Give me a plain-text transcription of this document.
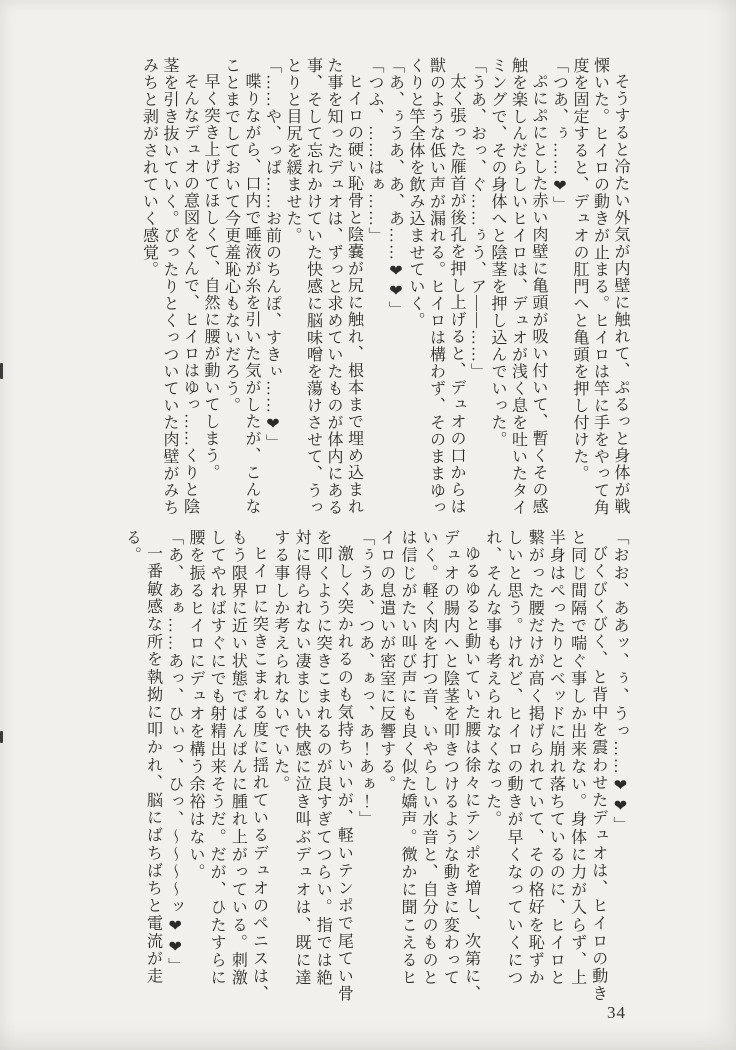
そうすると冷たい外気が内壁に触れて、ぷるっと身体が戦慄いた。ヒイロの動きが止まる。ヒイロは竿に手をやって角度を固定すると、デュオの肛門へと亀頭を押し付けた。

「つあ、ぅ……❤」

ぷにぷにとした赤い肉壁に亀頭が吸い付いて、暫くその感触を楽しんだらしいヒイロは、デュオが浅く息を吐いたタイミングで、その身体へと陰茎を押し込んでいった。

「うあ、おっ、ぐ……ぅう、ア――……」

太く張った雁首が後孔を押し上げると、デュオの口からは獣のような低い声が漏れる。ヒイロは構わず、そのままゆっくりと竿全体を飲み込ませていく。

「あ、ぅうあ、あ、あ……❤❤」

「つふ、……はぁ……」

ヒイロの硬い恥骨と陰嚢が尻に触れ、根本まで埋め込まれた事を知ったデュオは、ずっと求めていたものが体内にある事、そして忘れかけていた快感に脳味噌を蕩けさせて、うっとりと目尻を緩ませた。

「……や、っぱ……お前のちんぽ、すきぃ……❤」

喋りながら、口内で唾液が糸を引いた気がしたが、こんなことまでしておいて今更羞恥心もないだろう。

早く突き上げてほしくて、自然に腰が動いてしまう。

そんなデュオの意図をくんで、ヒイロはゆっ……くりと陰茎を引き抜いていく。ぴったりとくっついていた肉壁がみちみちと剥がされていく感覚。

「おお、ああッ、ぅ、うっ……❤❤」

びくびくびく、と背中を震わせたデュオは、ヒイロの動きと同じ間隔で喘ぐ事しか出来ない。身体に力が入らず、上半身はぺったりとベッドに崩れ落ちているのに、ヒイロと繋がった腰だけが高く掲げられていて、その格好を恥ずかしいと思う。けれど、ヒイロの動きが早くなっていくにつれ、そんな事も考えられなくなった。

ゆるゆると動いていた腰は徐々にテンポを増し、次第に、デュオの腸内へと陰茎を叩きつけるような動きに変わっていく。軽く肉を打つ音、いやらしい水音と、自分のものとは信じがたい叫び声にも良く似た嬌声。微かに聞こえるヒイロの息遣いが密室に反響する。

「ぅうあ、つあ、ぁっ、あ！あぁ！」

激しく突かれるのも気持ちいいが、軽いテンポで尾てい骨を叩くように突きこまれるのが良すぎてつらい。指では絶対に得られない凄まじい快感に泣き叫ぶデュオは、既に達する事しか考えられないでいた。

ヒイロに突きこまれる度に揺れているデュオのペニスは、もう限界に近い状態でぱんぱんに腫れ上がっている。刺激してやればすぐにでも射精出来そうだ。だが、ひたすらに腰を振るヒイロにデュオを構う余裕はない。

「あ、あぁ……あっ、ひぃっ、ひっ、～～～～ッ❤❤」

一番敏感な所を執拗に叩かれ、脳にばちばちと電流が走る。

34
